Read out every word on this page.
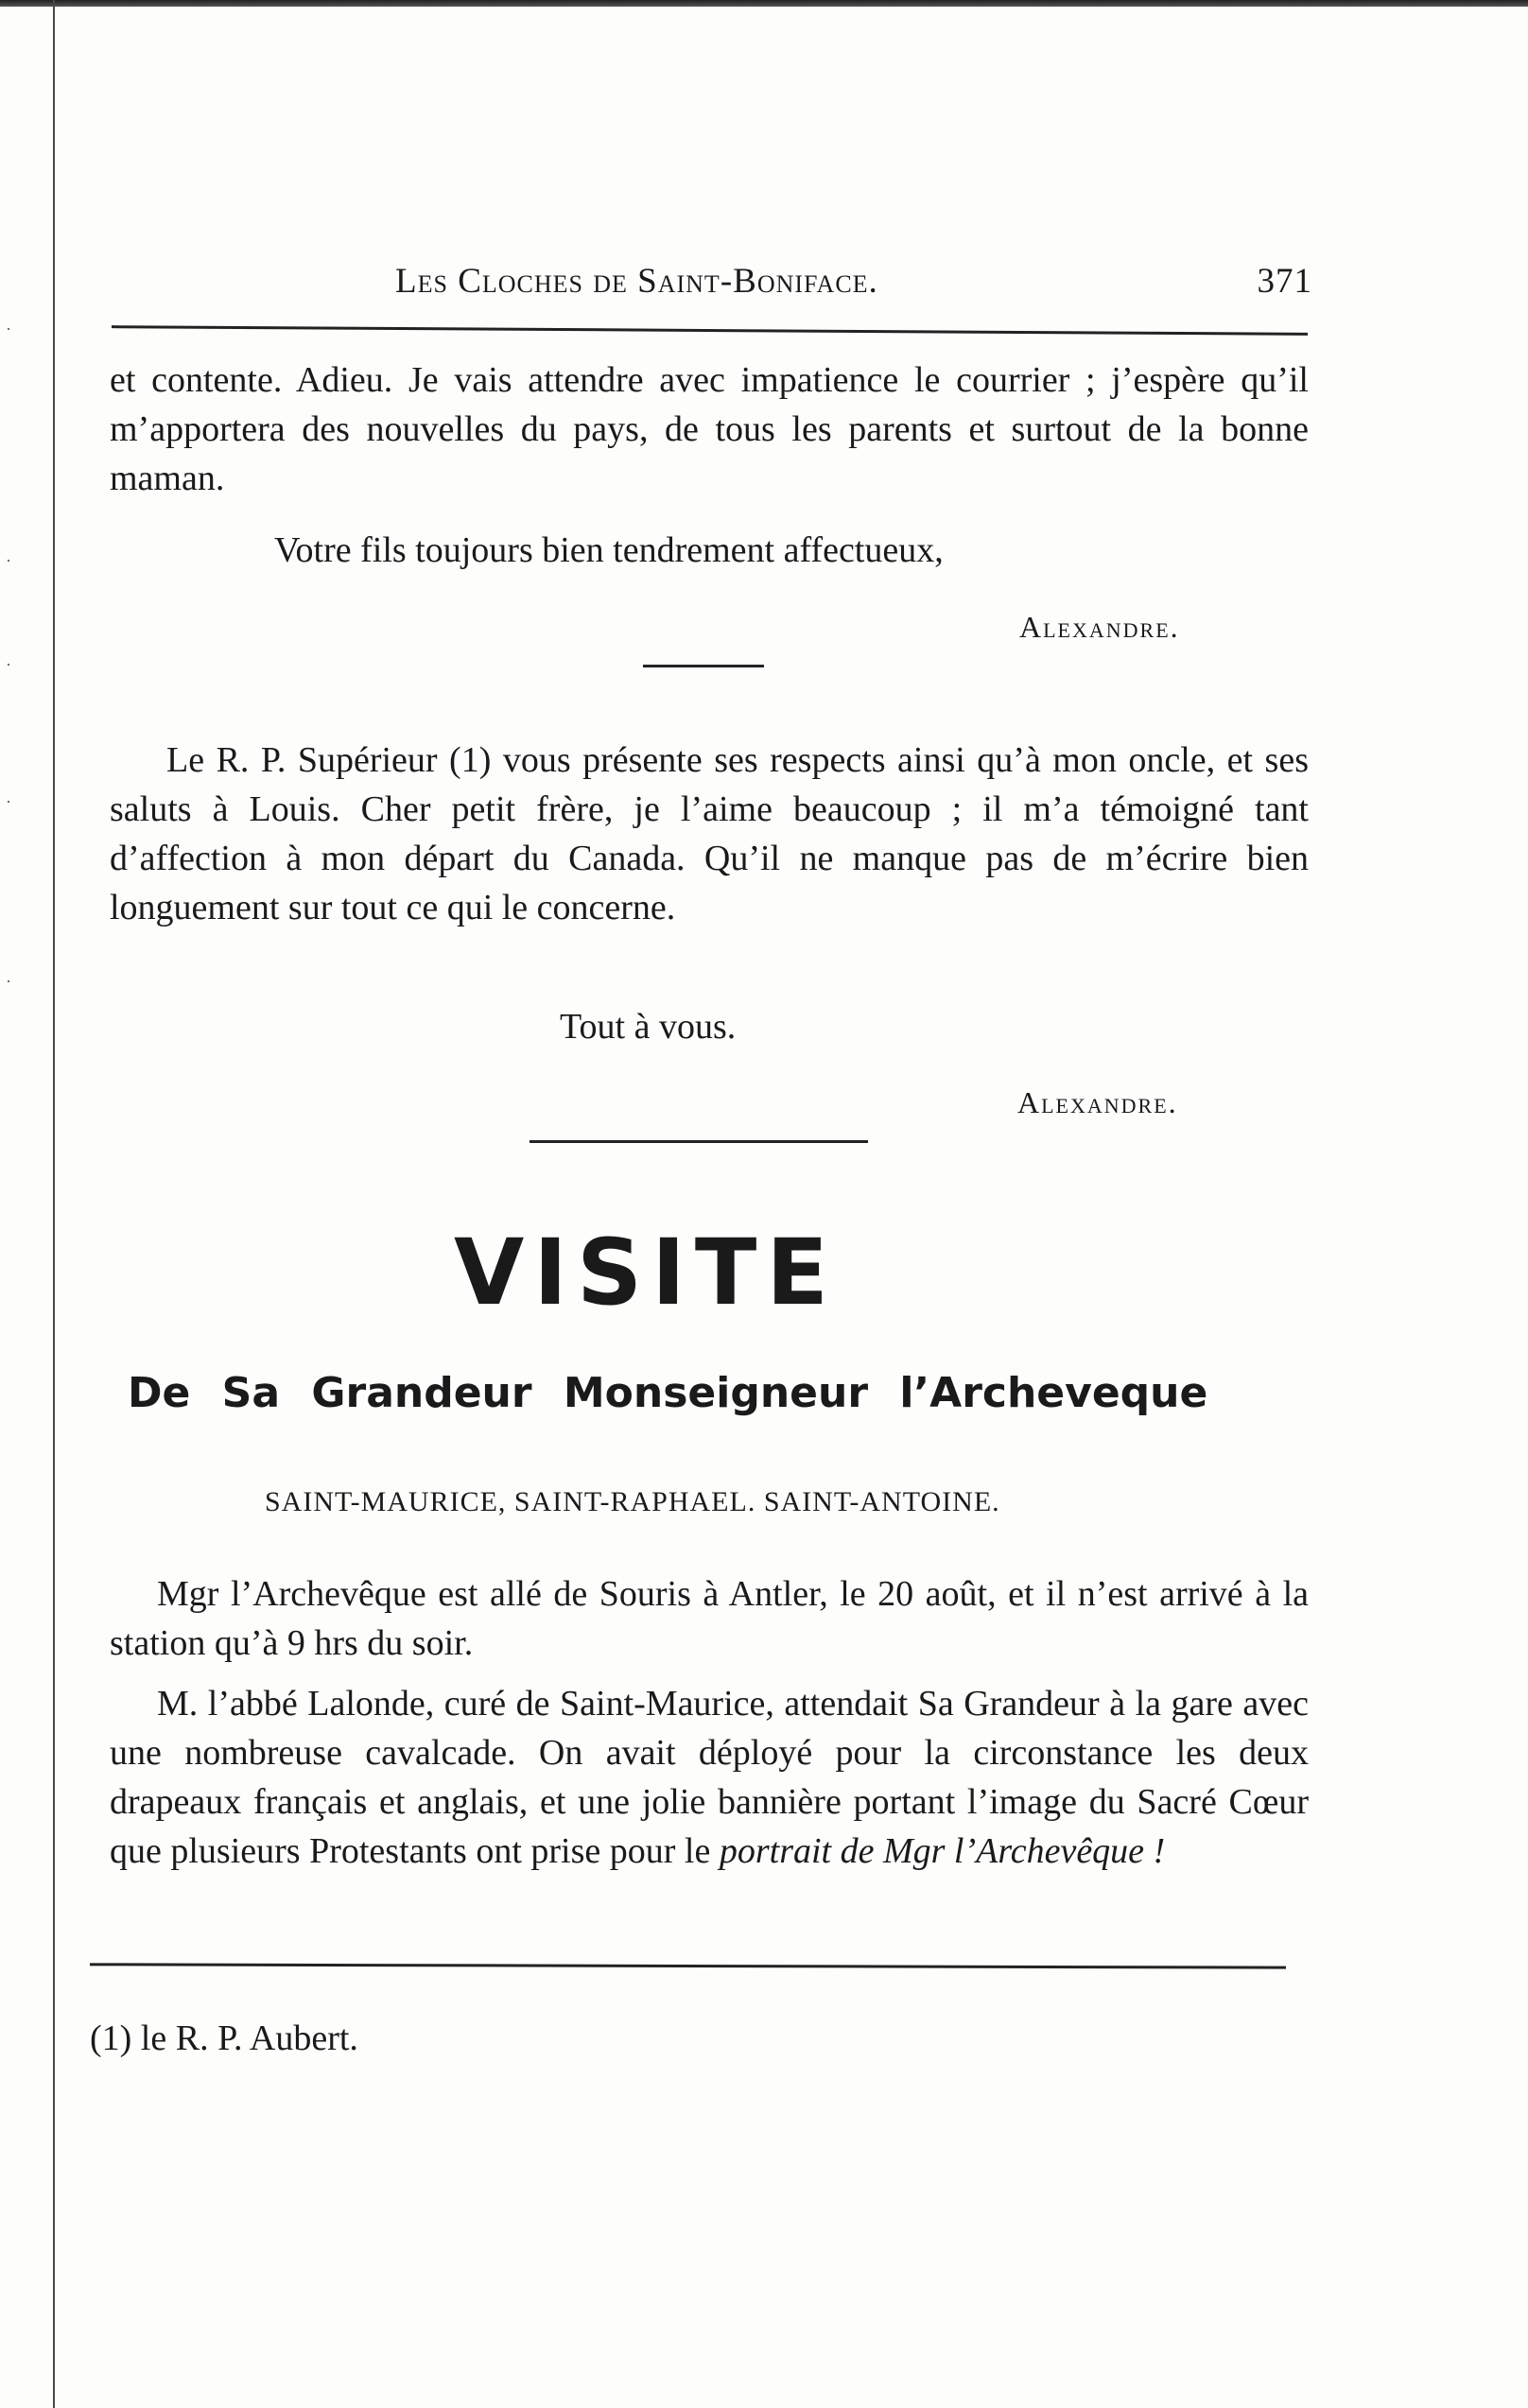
·
·
·
·
·
Les Cloches de Saint-Boniface.	371

et contente. Adieu. Je vais attendre avec impatience le courrier ; j’espère qu’il m’apportera des nouvelles du pays, de tous les parents et surtout de la bonne maman.

Votre fils toujours bien tendrement affectueux,
Alexandre.

Le R. P. Supérieur (1) vous présente ses respects ainsi qu’à mon oncle, et ses saluts à Louis. Cher petit frère, je l’aime beaucoup ; il m’a témoigné tant d’affection à mon départ du Canada. Qu’il ne manque pas de m’écrire bien longuement sur tout ce qui le concerne.

Tout à vous.
Alexandre.
VISITE
De Sa Grandeur Monseigneur l’Archeveque
SAINT-MAURICE, SAINT-RAPHAEL. SAINT-ANTOINE.

Mgr l’Archevêque est allé de Souris à Antler, le 20 août, et il n’est arrivé à la station qu’à 9 hrs du soir.

M. l’abbé Lalonde, curé de Saint-Maurice, attendait Sa Grandeur à la gare avec une nombreuse cavalcade. On avait déployé pour la circonstance les deux drapeaux français et anglais, et une jolie bannière portant l’image du Sacré Cœur que plusieurs Protestants ont prise pour le portrait de Mgr l’Archevêque !

(1) le R. P. Aubert.
